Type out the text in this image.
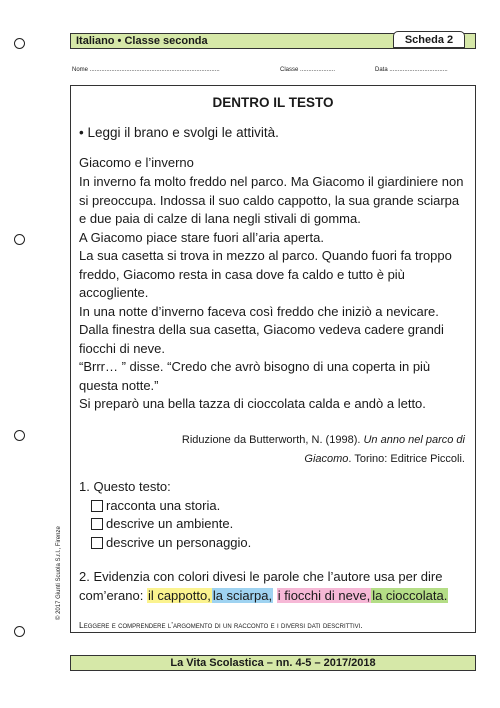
Italiano • Classe seconda	Scheda 2
Nome ..............................................................................	Classe .....................	Data ...................................
DENTRO IL TESTO
• Leggi il brano e svolgi le attività.
Giacomo e l’inverno

In inverno fa molto freddo nel parco. Ma Giacomo il giardiniere non si preoccupa. Indossa il suo caldo cappotto, la sua grande sciarpa e due paia di calze di lana negli stivali di gomma.

A Giacomo piace stare fuori all’aria aperta.

La sua casetta si trova in mezzo al parco. Quando fuori fa troppo freddo, Giacomo resta in casa dove fa caldo e tutto è più accogliente.

In una notte d’inverno faceva così freddo che iniziò a nevicare. Dalla finestra della sua casetta, Giacomo vedeva cadere grandi fiocchi di neve.

“Brrr… ” disse. “Credo che avrò bisogno di una coperta in più questa notte.”

Si preparò una bella tazza di cioccolata calda e andò a letto.

Riduzione da Butterworth, N. (1998). Un anno nel parco di
Giacomo. Torino: Editrice Piccoli.
1. Questo testo:
racconta una storia.
descrive un ambiente.
descrive un personaggio.
2. Evidenzia con colori divesi le parole che l’autore usa per dire
com’erano: il cappotto, la sciarpa, i fiocchi di neve, la cioccolata.
Leggere e comprendere l’argomento di un racconto e i diversi dati descrittivi.
© 2017 Giunti Scuola S.r.l., Firenze
La Vita Scolastica – nn. 4-5 – 2017/2018
